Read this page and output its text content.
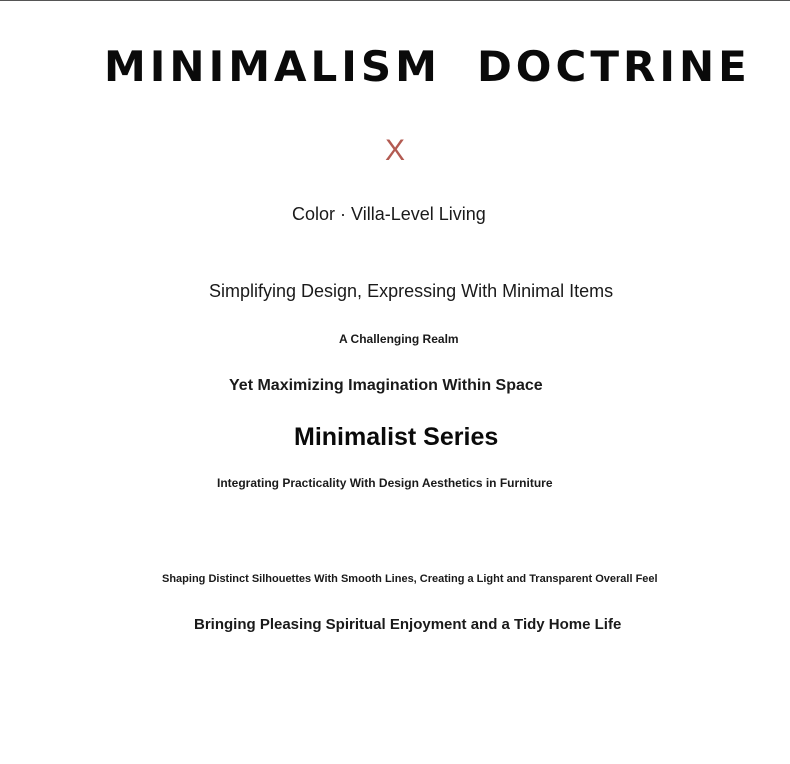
MINIMALISM DOCTRINE
X

Color · Villa-Level Living

Simplifying Design, Expressing With Minimal Items

A Challenging Realm

Yet Maximizing Imagination Within Space

Minimalist Series

Integrating Practicality With Design Aesthetics in Furniture

Shaping Distinct Silhouettes With Smooth Lines, Creating a Light and Transparent Overall Feel

Bringing Pleasing Spiritual Enjoyment and a Tidy Home Life
